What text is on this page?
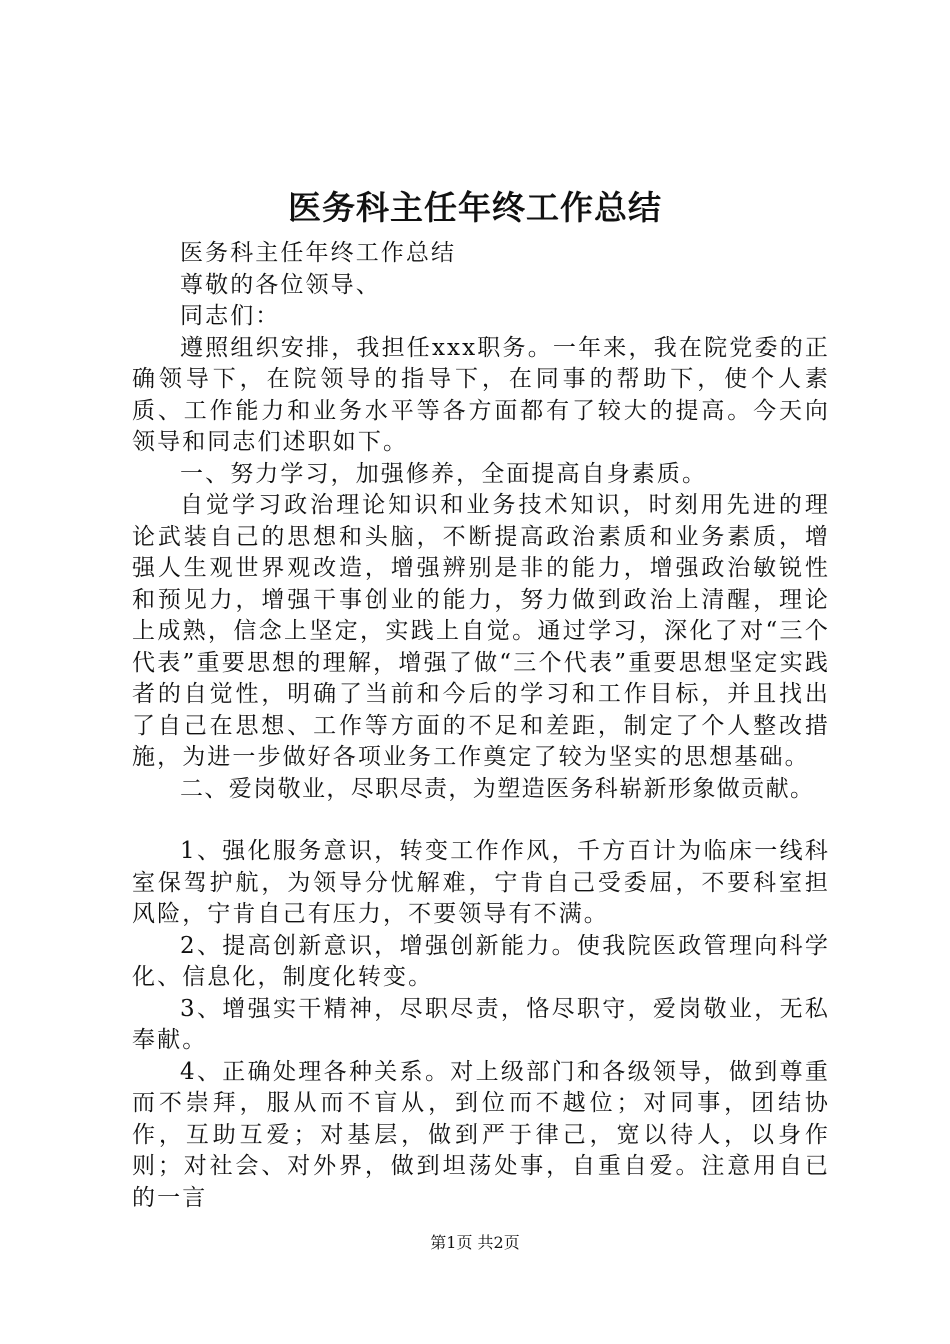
医务科主任年终工作总结

医务科主任年终工作总结

尊敬的各位领导、

同志们：

遵照组织安排，我担任xxx职务。一年来，我在院党委的正确领导下，在院领导的指导下，在同事的帮助下，使个人素质、工作能力和业务水平等各方面都有了较大的提高。今天向领导和同志们述职如下。

一、努力学习，加强修养，全面提高自身素质。

自觉学习政治理论知识和业务技术知识，时刻用先进的理论武装自己的思想和头脑，不断提高政治素质和业务素质，增强人生观世界观改造，增强辨别是非的能力，增强政治敏锐性和预见力，增强干事创业的能力，努力做到政治上清醒，理论上成熟，信念上坚定，实践上自觉。通过学习，深化了对“三个代表”重要思想的理解，增强了做“三个代表”重要思想坚定实践者的自觉性，明确了当前和今后的学习和工作目标，并且找出了自己在思想、工作等方面的不足和差距，制定了个人整改措施，为进一步做好各项业务工作奠定了较为坚实的思想基础。

二、爱岗敬业，尽职尽责，为塑造医务科崭新形象做贡献。

1、强化服务意识，转变工作作风，千方百计为临床一线科室保驾护航，为领导分忧解难，宁肯自己受委屈，不要科室担风险，宁肯自己有压力，不要领导有不满。

2、提高创新意识，增强创新能力。使我院医政管理向科学化、信息化，制度化转变。

3、增强实干精神，尽职尽责，恪尽职守，爱岗敬业，无私奉献。

4、正确处理各种关系。对上级部门和各级领导，做到尊重而不崇拜，服从而不盲从，到位而不越位；对同事，团结协作，互助互爱；对基层，做到严于律己，宽以待人，以身作则；对社会、对外界，做到坦荡处事，自重自爱。注意用自已的一言

第1页 共2页
